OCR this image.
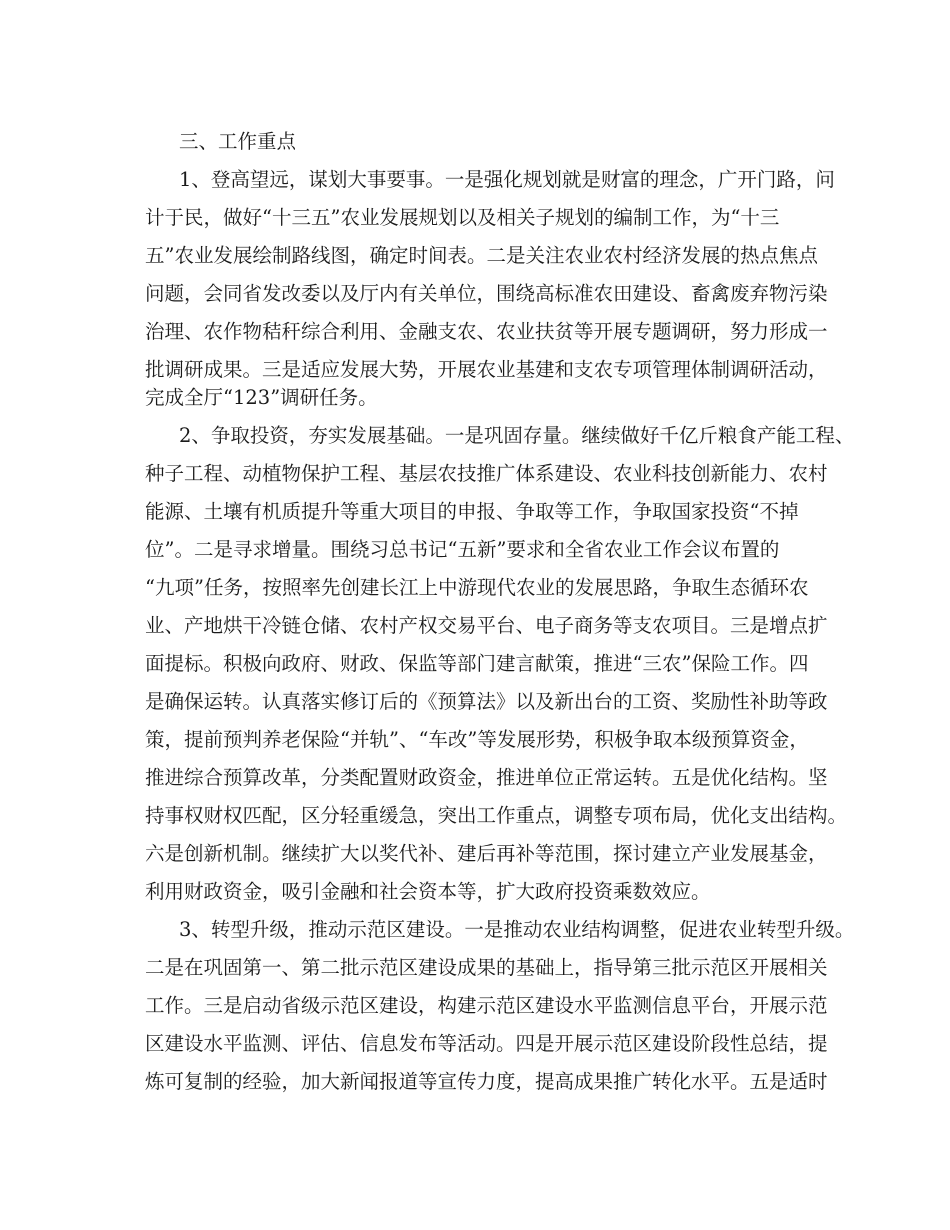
三、工作重点
1、登高望远，谋划大事要事。一是强化规划就是财富的理念，广开门路，问
计于民，做好“十三五”农业发展规划以及相关子规划的编制工作，为“十三
五”农业发展绘制路线图，确定时间表。二是关注农业农村经济发展的热点焦点
问题，会同省发改委以及厅内有关单位，围绕高标准农田建设、畜禽废弃物污染
治理、农作物秸秆综合利用、金融支农、农业扶贫等开展专题调研，努力形成一
批调研成果。三是适应发展大势，开展农业基建和支农专项管理体制调研活动，
完成全厅“123”调研任务。
2、争取投资，夯实发展基础。一是巩固存量。继续做好千亿斤粮食产能工程、
种子工程、动植物保护工程、基层农技推广体系建设、农业科技创新能力、农村
能源、土壤有机质提升等重大项目的申报、争取等工作，争取国家投资“不掉
位”。二是寻求增量。围绕习总书记“五新”要求和全省农业工作会议布置的
“九项”任务，按照率先创建长江上中游现代农业的发展思路，争取生态循环农
业、产地烘干冷链仓储、农村产权交易平台、电子商务等支农项目。三是增点扩
面提标。积极向政府、财政、保监等部门建言献策，推进“三农”保险工作。四
是确保运转。认真落实修订后的《预算法》以及新出台的工资、奖励性补助等政
策，提前预判养老保险“并轨”、“车改”等发展形势，积极争取本级预算资金，
推进综合预算改革，分类配置财政资金，推进单位正常运转。五是优化结构。坚
持事权财权匹配，区分轻重缓急，突出工作重点，调整专项布局，优化支出结构。
六是创新机制。继续扩大以奖代补、建后再补等范围，探讨建立产业发展基金，
利用财政资金，吸引金融和社会资本等，扩大政府投资乘数效应。
3、转型升级，推动示范区建设。一是推动农业结构调整，促进农业转型升级。
二是在巩固第一、第二批示范区建设成果的基础上，指导第三批示范区开展相关
工作。三是启动省级示范区建设，构建示范区建设水平监测信息平台，开展示范
区建设水平监测、评估、信息发布等活动。四是开展示范区建设阶段性总结，提
炼可复制的经验，加大新闻报道等宣传力度，提高成果推广转化水平。五是适时
